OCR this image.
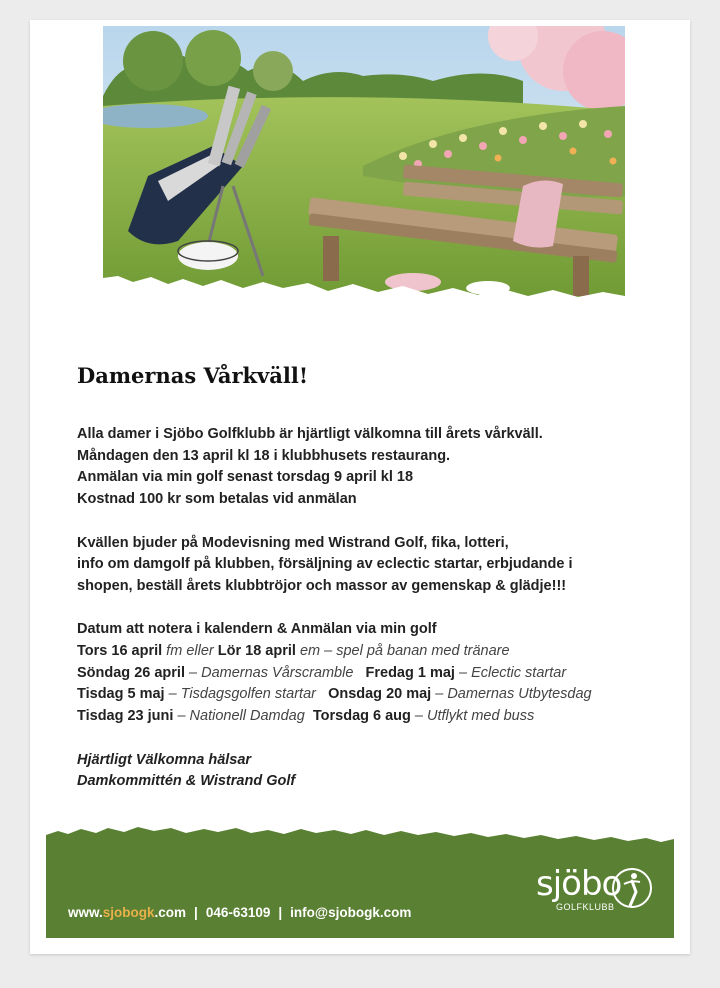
Damernas Vårkväll!

Alla damer i Sjöbo Golfklubb är hjärtligt välkomna till årets vårkväll.

Måndagen den 13 april kl 18 i klubbhusets restaurang.

Anmälan via min golf senast torsdag 9 april kl 18

Kostnad 100 kr som betalas vid anmälan

Kvällen bjuder på Modevisning med Wistrand Golf, fika, lotteri,

info om damgolf på klubben, försäljning av eclectic startar, erbjudande i

shopen, beställ årets klubbtröjor och massor av gemenskap & glädje!!!

Datum att notera i kalendern & Anmälan via min golf

Tors 16 april fm eller Lör 18 april em – spel på banan med tränare

Söndag 26 april – Damernas Vårscramble   Fredag 1 maj – Eclectic startar

Tisdag 5 maj – Tisdagsgolfen startar   Onsdag 20 maj – Damernas Utbytesdag

Tisdag 23 juni – Nationell Damdag  Torsdag 6 aug – Utflykt med buss

Hjärtligt Välkomna hälsar

Damkommittén & Wistrand Golf

www.sjobogk.com | 046-63109 | info@sjobogk.com
sjöbo
GOLFKLUBB
